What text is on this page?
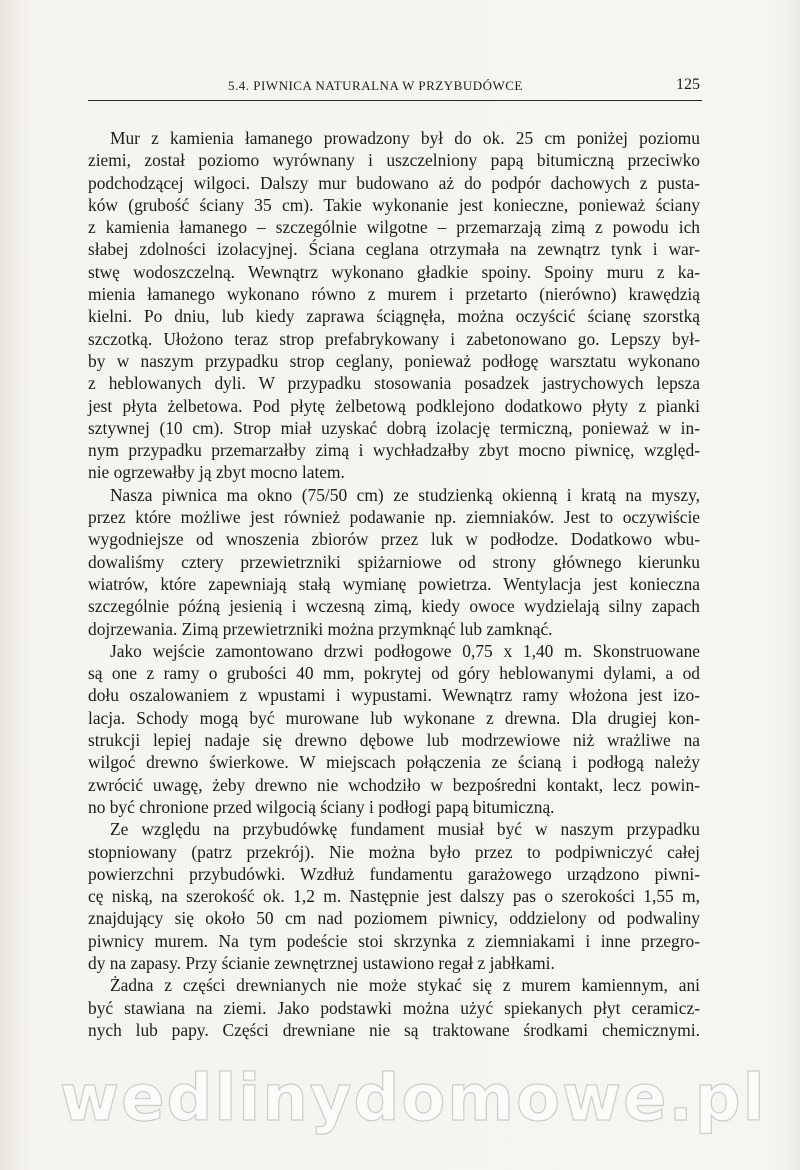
5.4. PIWNICA NATURALNA W PRZYBUDÓWCE	125
Mur z kamienia łamanego prowadzony był do ok. 25 cm poniżej poziomu
ziemi, został poziomo wyrównany i uszczelniony papą bitumiczną przeciwko
podchodzącej wilgoci. Dalszy mur budowano aż do podpór dachowych z pusta-
ków (grubość ściany 35 cm). Takie wykonanie jest konieczne, ponieważ ściany
z kamienia łamanego – szczególnie wilgotne – przemarzają zimą z powodu ich
słabej zdolności izolacyjnej. Ściana ceglana otrzymała na zewnątrz tynk i war-
stwę wodoszczelną. Wewnątrz wykonano gładkie spoiny. Spoiny muru z ka-
mienia łamanego wykonano równo z murem i przetarto (nierówno) krawędzią
kielni. Po dniu, lub kiedy zaprawa ściągnęła, można oczyścić ścianę szorstką
szczotką. Ułożono teraz strop prefabrykowany i zabetonowano go. Lepszy był-
by w naszym przypadku strop ceglany, ponieważ podłogę warsztatu wykonano
z heblowanych dyli. W przypadku stosowania posadzek jastrychowych lepsza
jest płyta żelbetowa. Pod płytę żelbetową podklejono dodatkowo płyty z pianki
sztywnej (10 cm). Strop miał uzyskać dobrą izolację termiczną, ponieważ w in-
nym przypadku przemarzałby zimą i wychładzałby zbyt mocno piwnicę, względ-
nie ogrzewałby ją zbyt mocno latem.
Nasza piwnica ma okno (75/50 cm) ze studzienką okienną i kratą na myszy,
przez które możliwe jest również podawanie np. ziemniaków. Jest to oczywiście
wygodniejsze od wnoszenia zbiorów przez luk w podłodze. Dodatkowo wbu-
dowaliśmy cztery przewietrzniki spiżarniowe od strony głównego kierunku
wiatrów, które zapewniają stałą wymianę powietrza. Wentylacja jest konieczna
szczególnie późną jesienią i wczesną zimą, kiedy owoce wydzielają silny zapach
dojrzewania. Zimą przewietrzniki można przymknąć lub zamknąć.
Jako wejście zamontowano drzwi podłogowe 0,75 x 1,40 m. Skonstruowane
są one z ramy o grubości 40 mm, pokrytej od góry heblowanymi dylami, a od
dołu oszalowaniem z wpustami i wypustami. Wewnątrz ramy włożona jest izo-
lacja. Schody mogą być murowane lub wykonane z drewna. Dla drugiej kon-
strukcji lepiej nadaje się drewno dębowe lub modrzewiowe niż wrażliwe na
wilgoć drewno świerkowe. W miejscach połączenia ze ścianą i podłogą należy
zwrócić uwagę, żeby drewno nie wchodziło w bezpośredni kontakt, lecz powin-
no być chronione przed wilgocią ściany i podłogi papą bitumiczną.
Ze względu na przybudówkę fundament musiał być w naszym przypadku
stopniowany (patrz przekrój). Nie można było przez to podpiwniczyć całej
powierzchni przybudówki. Wzdłuż fundamentu garażowego urządzono piwni-
cę niską, na szerokość ok. 1,2 m. Następnie jest dalszy pas o szerokości 1,55 m,
znajdujący się około 50 cm nad poziomem piwnicy, oddzielony od podwaliny
piwnicy murem. Na tym podeście stoi skrzynka z ziemniakami i inne przegro-
dy na zapasy. Przy ścianie zewnętrznej ustawiono regał z jabłkami.
Żadna z części drewnianych nie może stykać się z murem kamiennym, ani
być stawiana na ziemi. Jako podstawki można użyć spiekanych płyt ceramicz-
nych lub papy. Części drewniane nie są traktowane środkami chemicznymi.
wedlinydomowe.pl
